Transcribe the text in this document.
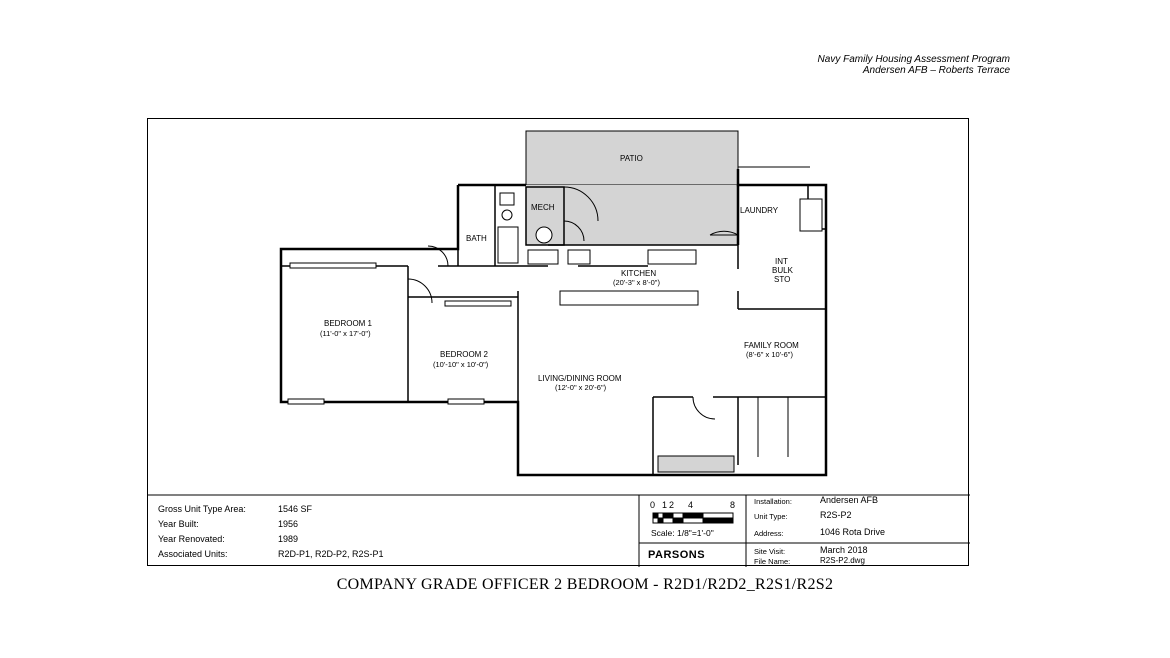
Navy Family Housing Assessment Program
Andersen AFB – Roberts Terrace
PATIO
MECH
BATH
LAUNDRY
INT
BULK
STO
KITCHEN
(20'-3" x 8'-0")
BEDROOM 1
(11'-0" x 17'-0")
BEDROOM 2
(10'-10" x 10'-0")
FAMILY ROOM
(8'-6" x 10'-6")
LIVING/DINING ROOM
(12'-0" x 20'-6")
Gross Unit Type Area:	1546 SF
Year Built:	1956
Year Renovated:	1989
Associated Units:	R2D-P1, R2D-P2, R2S-P1
0 1 2 4	8
Scale: 1/8"=1'-0"
PARSONS
Installation:	Andersen AFB
Unit Type:	R2S-P2
Address:	1046 Rota Drive
Site Visit:	March 2018
File Name:	R2S-P2.dwg
COMPANY GRADE OFFICER 2 BEDROOM - R2D1/R2D2_R2S1/R2S2
